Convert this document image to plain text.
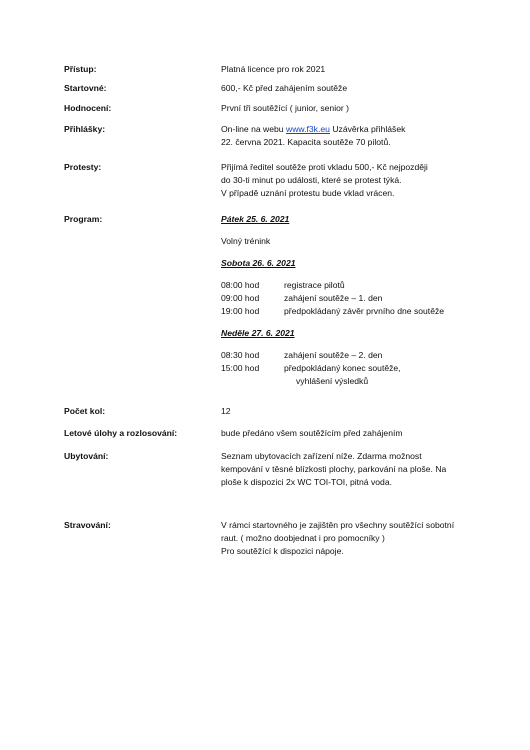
Přístup:	Platná licence pro rok 2021
Startovné:	600,- Kč před zahájením soutěže
Hodnocení:	První tři soutěžící ( junior, senior )
Přihlášky:	On-line na webu www.f3k.eu Uzávěrka přihlášek
22. června 2021. Kapacita soutěže 70 pilotů.
Protesty:	Přijímá ředitel soutěže proti vkladu 500,- Kč nejpozději
do 30-ti minut po události, které se protest týká.
V případě uznání protestu bude vklad vrácen.
Program:	Pátek 25. 6. 2021
Volný trénink
Sobota 26. 6. 2021
08:00 hod	registrace pilotů
09:00 hod	zahájení soutěže – 1. den
19:00 hod	předpokládaný závěr prvního dne soutěže
Neděle 27. 6. 2021
08:30 hod	zahájení soutěže – 2. den
15:00 hod	předpokládaný konec soutěže,
vyhlášení výsledků
Počet kol:	12
Letové úlohy a rozlosování:	bude předáno všem soutěžícím před zahájením
Ubytování:	Seznam ubytovacích zařízení níže. Zdarma možnost
kempování v těsné blízkosti plochy, parkování na ploše. Na
ploše k dispozici 2x WC TOI-TOI, pitná voda.
Stravování:	V rámci startovného je zajištěn pro všechny soutěžící sobotní
raut. ( možno doobjednat i pro pomocníky )
Pro soutěžící k dispozici nápoje.
